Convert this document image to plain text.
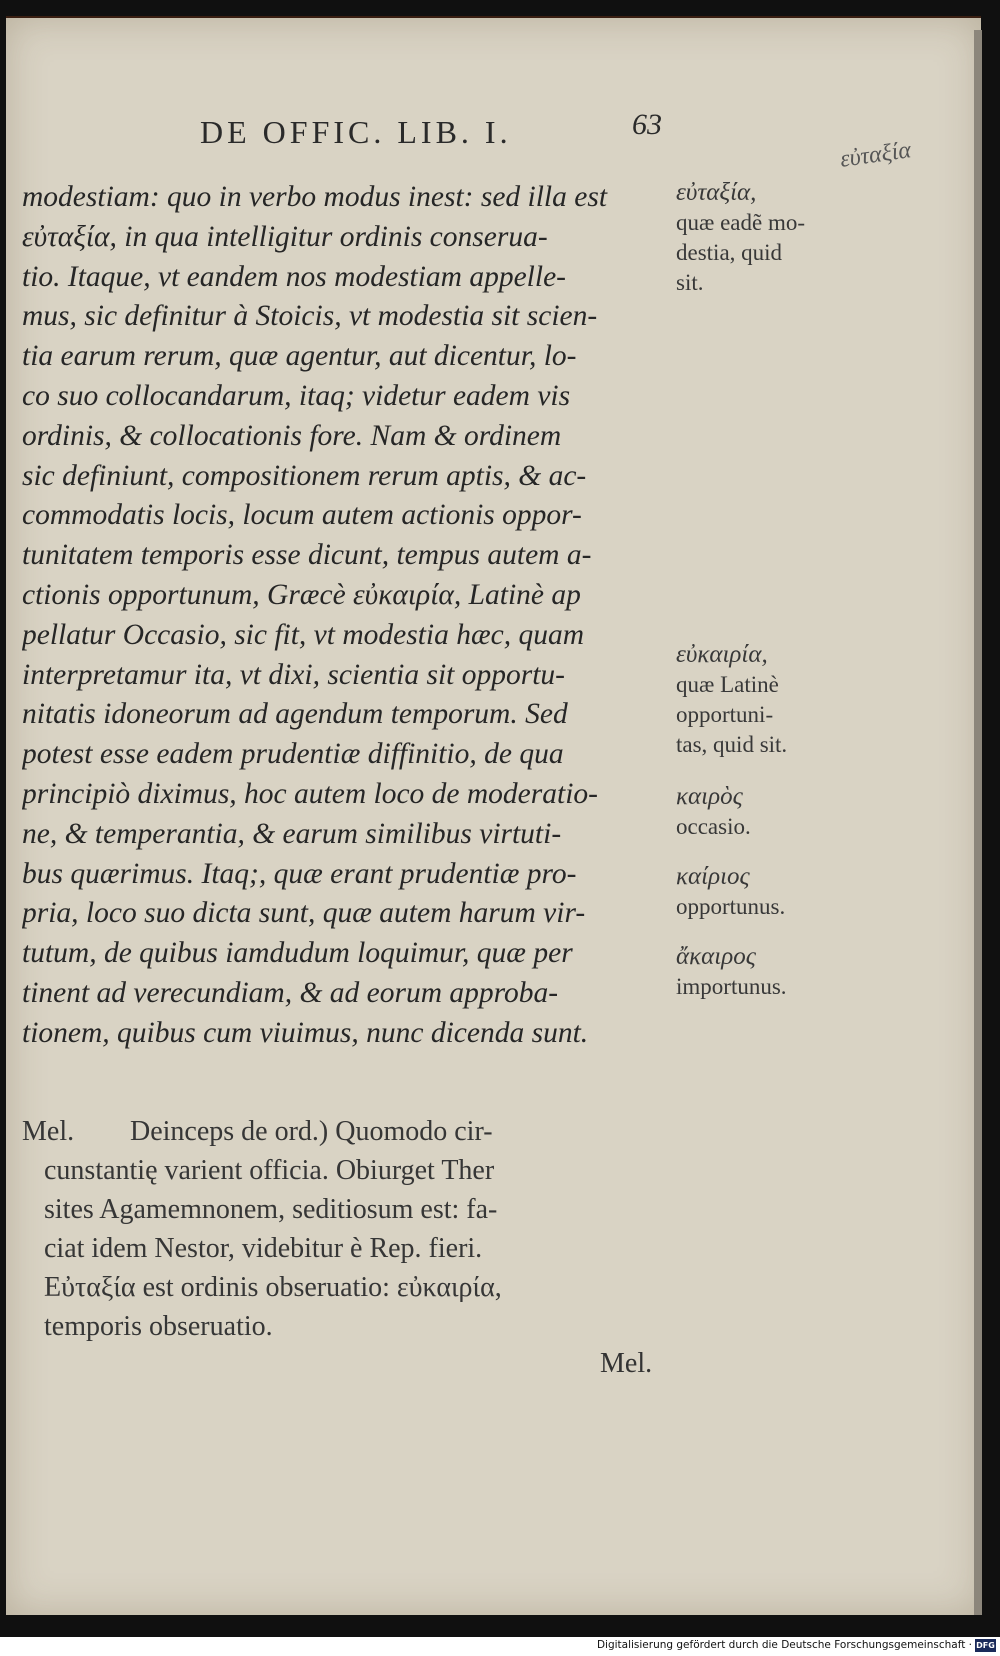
DE OFFIC. LIB. I.	63
εὐταξία
modestiam: quo in verbo modus inest: sed illa est
εὐταξία, in qua intelligitur ordinis conserua-
tio. Itaque, vt eandem nos modestiam appelle-
mus, sic definitur à Stoicis, vt modestia sit scien-
tia earum rerum, quæ agentur, aut dicentur, lo-
co suo collocandarum, itaq; videtur eadem vis
ordinis, & collocationis fore. Nam & ordinem
sic definiunt, compositionem rerum aptis, & ac-
commodatis locis, locum autem actionis oppor-
tunitatem temporis esse dicunt, tempus autem a-
ctionis opportunum, Græcè εὐκαιρία, Latinè ap
pellatur Occasio, sic fit, vt modestia hæc, quam
interpretamur ita, vt dixi, scientia sit opportu-
nitatis idoneorum ad agendum temporum. Sed
potest esse eadem prudentiæ diffinitio, de qua
principiò diximus, hoc autem loco de moderatio-
ne, & temperantia, & earum similibus virtuti-
bus quærimus. Itaq;, quæ erant prudentiæ pro-
pria, loco suo dicta sunt, quæ autem harum vir-
tutum, de quibus iamdudum loquimur, quæ per
tinent ad verecundiam, & ad eorum approba-
tionem, quibus cum viuimus, nunc dicenda sunt.
Mel. Deinceps de ord.) Quomodo cir-
cunstantię varient officia. Obiurget Ther
sites Agamemnonem, seditiosum est: fa-
ciat idem Nestor, videbitur è Rep. fieri.
Εὐταξία est ordinis obseruatio: εὐκαιρία,
temporis obseruatio.
Mel.
εὐταξία,
quæ eadẽ mo-
destia, quid
sit.
εὐκαιρία,
quæ Latinè
opportuni-
tas, quid sit.
καιρὸς
occasio.
καίριος
opportunus.
ἄκαιρος
importunus.
Digitalisierung gefördert durch die Deutsche Forschungsgemeinschaft · DFG
